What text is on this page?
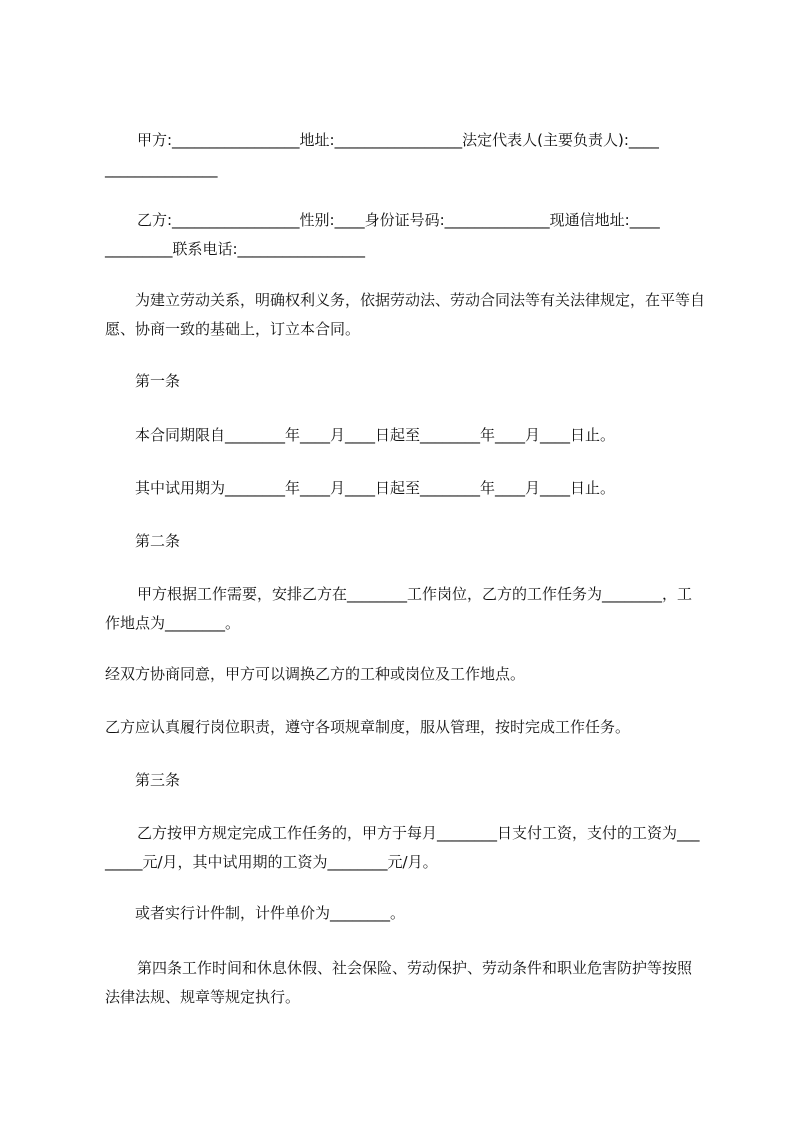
甲方:_________________地址:_________________法定代表人(主要负责人):____

_______________

乙方:_________________性别:____身份证号码:______________现通信地址:____

_________联系电话:_________________

为建立劳动关系，明确权利义务，依据劳动法、劳动合同法等有关法律规定，在平等自愿、协商一致的基础上，订立本合同。

第一条

本合同期限自________年____月____日起至________年____月____日止。

其中试用期为________年____月____日起至________年____月____日止。

第二条

甲方根据工作需要，安排乙方在________工作岗位，乙方的工作任务为________，工作地点为________。

经双方协商同意，甲方可以调换乙方的工种或岗位及工作地点。

乙方应认真履行岗位职责，遵守各项规章制度，服从管理，按时完成工作任务。

第三条

乙方按甲方规定完成工作任务的，甲方于每月________日支付工资，支付的工资为________元/月，其中试用期的工资为________元/月。

或者实行计件制，计件单价为________。

第四条工作时间和休息休假、社会保险、劳动保护、劳动条件和职业危害防护等按照法律法规、规章等规定执行。
